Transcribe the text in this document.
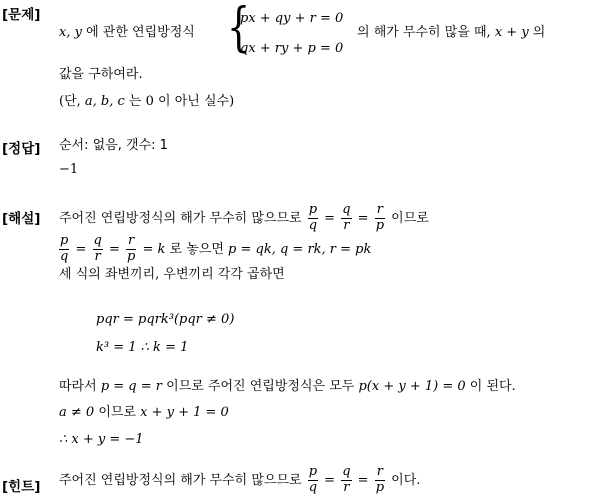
[문제]
x, y 에 관한 연립방정식 {
px + qy + r = 0
qx + ry + p = 0
의 해가 무수히 많을 때, x + y 의
값을 구하여라.
(단, a, b, c 는 0 이 아닌 실수)
[정답] 순서: 없음, 갯수: 1
−1
[해설] 주어진 연립방정식의 해가 무수히 많으므로 $\frac{p}{q} = \frac{q}{r} = \frac{r}{p}$ 이므로
$\frac{p}{q} = \frac{q}{r} = \frac{r}{p} = k$ 로 놓으면 p = qk, q = rk, r = pk
세 식의 좌변끼리, 우변끼리 각각 곱하면
pqr = pqrk³(pqr ≠ 0)
k³ = 1 ∴ k = 1
따라서 p = q = r 이므로 주어진 연립방정식은 모두 p(x + y + 1) = 0 이 된다.
a ≠ 0 이므로 x + y + 1 = 0
∴ x + y = −1
[힌트] 주어진 연립방정식의 해가 무수히 많으므로 $\frac{p}{q} = \frac{q}{r} = \frac{r}{p}$ 이다.
